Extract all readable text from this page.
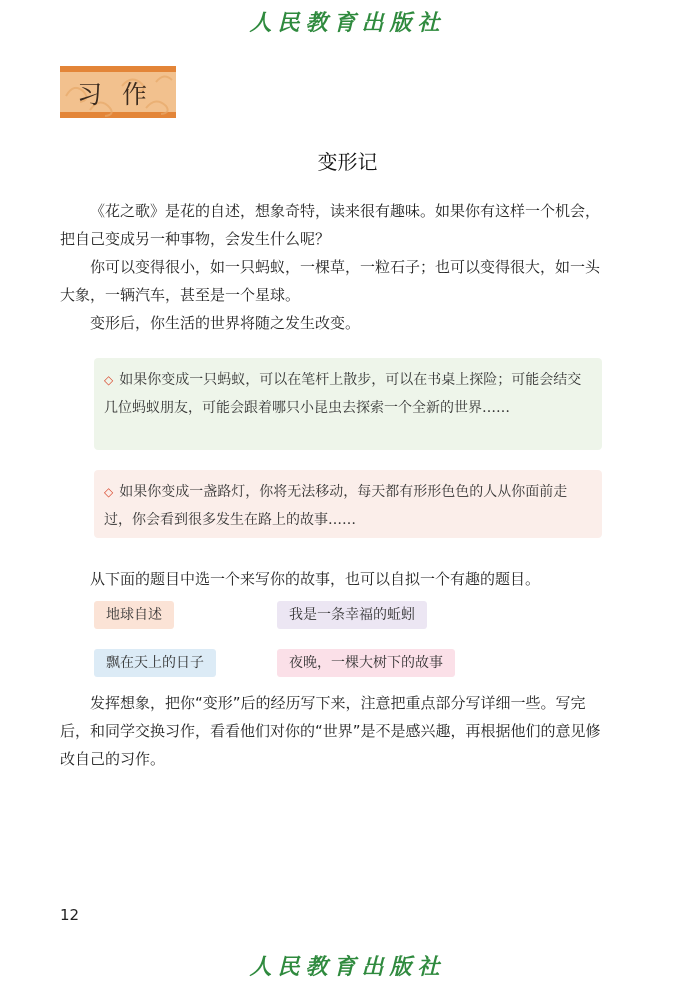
人民教育出版社
习作
变形记

《花之歌》是花的自述，想象奇特，读来很有趣味。如果你有这样一个机会，把自己变成另一种事物，会发生什么呢？

你可以变得很小，如一只蚂蚁，一棵草，一粒石子；也可以变得很大，如一头大象，一辆汽车，甚至是一个星球。

变形后，你生活的世界将随之发生改变。

◇ 如果你变成一只蚂蚁，可以在笔杆上散步，可以在书桌上探险；可能会结交几位蚂蚁朋友，可能会跟着哪只小昆虫去探索一个全新的世界……
◇ 如果你变成一盏路灯，你将无法移动，每天都有形形色色的人从你面前走过，你会看到很多发生在路上的故事……

从下面的题目中选一个来写你的故事，也可以自拟一个有趣的题目。

地球自述	我是一条幸福的蚯蚓
飘在天上的日子	夜晚，一棵大树下的故事

发挥想象，把你“变形”后的经历写下来，注意把重点部分写详细一些。写完后，和同学交换习作，看看他们对你的“世界”是不是感兴趣，再根据他们的意见修改自己的习作。

12
人民教育出版社
